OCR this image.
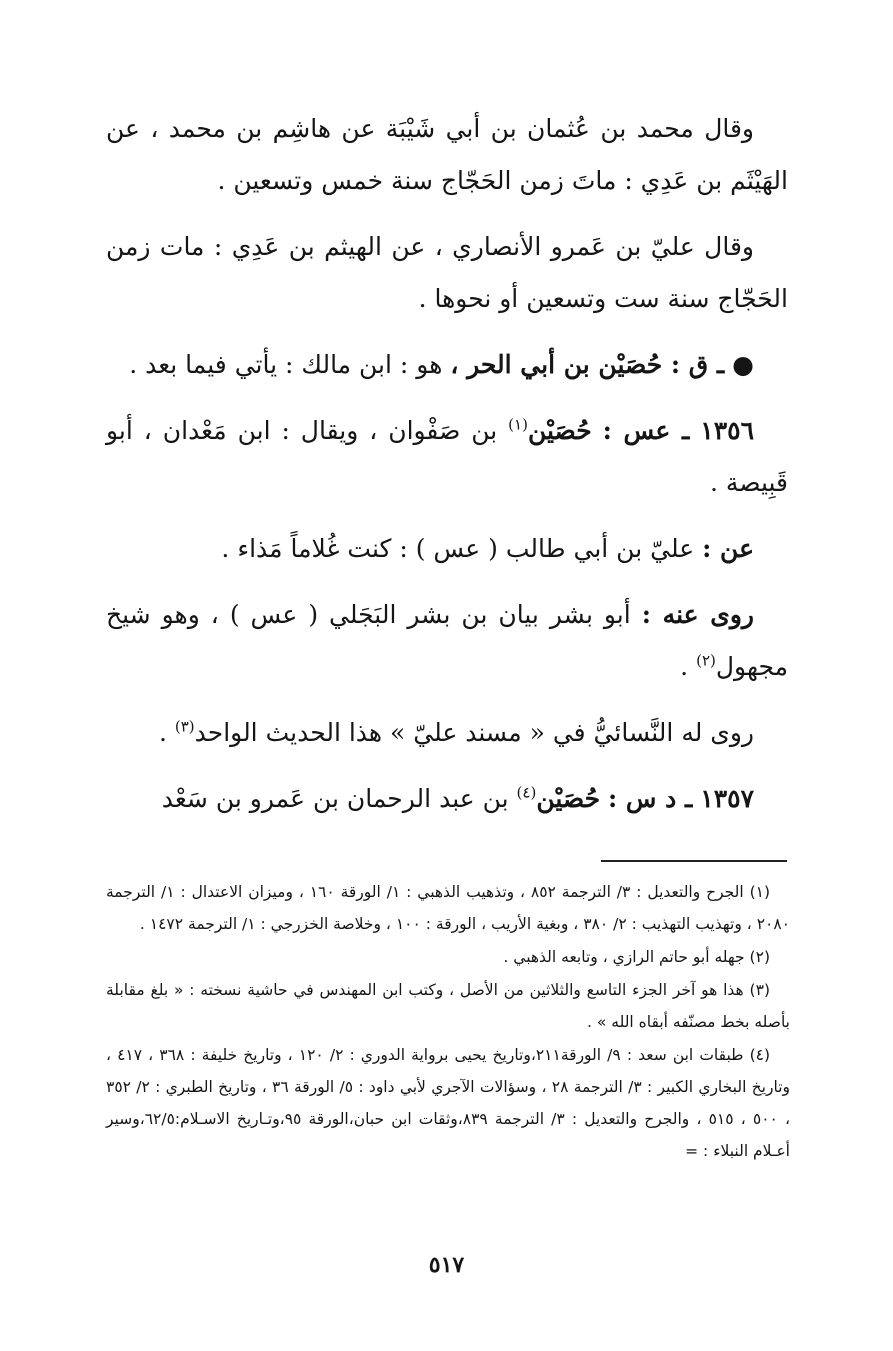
وقال محمد بن عُثمان بن أبي شَيْبَة عن هاشِم بن محمد ، عن الهَيْثَم بن عَدِي : ماتَ زمن الحَجّاج سنة خمس وتسعين .

وقال عليّ بن عَمرو الأنصاري ، عن الهيثم بن عَدِي : مات زمن الحَجّاج سنة ست وتسعين أو نحوها .

● ـ ق : حُصَيْن بن أبي الحر ، هو : ابن مالك : يأتي فيما بعد .

١٣٥٦ ـ عس : حُصَيْن$^{(١)}$ بن صَفْوان ، ويقال : ابن مَعْدان ، أبو قَبِيصة .

عن : عليّ بن أبي طالب ( عس ) : كنت غُلاماً مَذاء .

روى عنه : أبو بشر بيان بن بشر البَجَلي ( عس ) ، وهو شيخ مجهول$^{(٢)}$ .

روى له النَّسائيُّ في « مسند عليّ » هذا الحديث الواحد$^{(٣)}$ .

١٣٥٧ ـ د س : حُصَيْن$^{(٤)}$ بن عبد الرحمان بن عَمرو بن سَعْد

(١) الجرح والتعديل : ٣/ الترجمة ٨٥٢ ، وتذهيب الذهبي : ١/ الورقة ١٦٠ ، وميزان الاعتدال : ١/ الترجمة ٢٠٨٠ ، وتهذيب التهذيب : ٢/ ٣٨٠ ، وبغية الأريب ، الورقة : ١٠٠ ، وخلاصة الخزرجي : ١/ الترجمة ١٤٧٢ .

(٢) جهله أبو حاتم الرازي ، وتابعه الذهبي .

(٣) هذا هو آخر الجزء التاسع والثلاثين من الأصل ، وكتب ابن المهندس في حاشية نسخته : « بلغ مقابلة بأصله بخط مصنّفه أبقاه الله » .

(٤) طبقات ابن سعد : ٩/ الورقة٢١١،وتاريخ يحيى برواية الدوري : ٢/ ١٢٠ ، وتاريخ خليفة : ٣٦٨ ، ٤١٧ ، وتاريخ البخاري الكبير : ٣/ الترجمة ٢٨ ، وسؤالات الآجري لأبي داود : ٥/ الورقة ٣٦ ، وتاريخ الطبري : ٢/ ٣٥٢ ، ٥٠٠ ، ٥١٥ ، والجرح والتعديل : ٣/ الترجمة ٨٣٩،وثقات ابن حبان،الورقة ٩٥،وتـاريخ الاسـلام:٦٢/٥،وسير أعـلام النبلاء : =

٥١٧
